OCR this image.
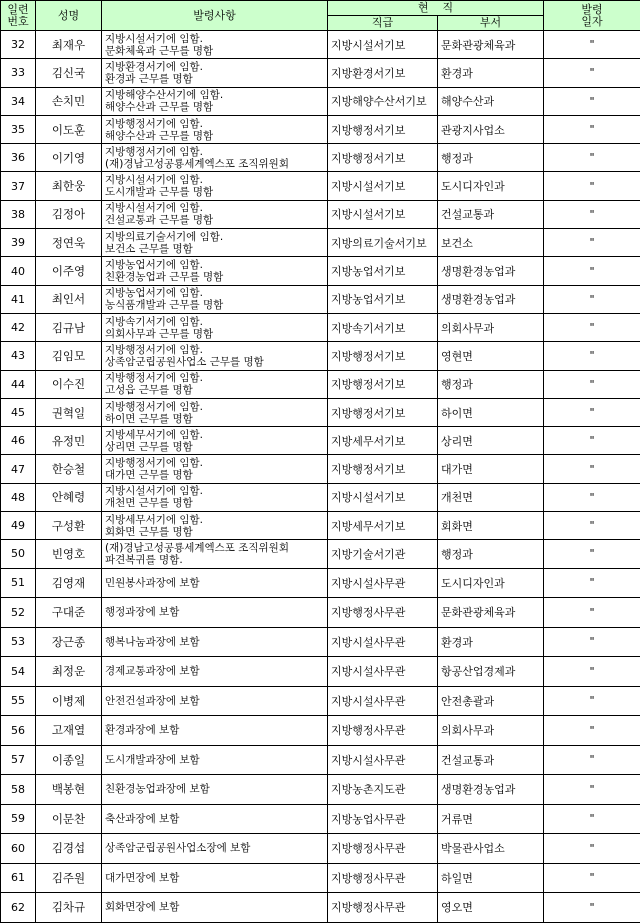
일련
번호	성명	발령사항	현    직		발령
일자
			직급	부서	
32	최재우	지방시설서기에 임함.
문화체육과 근무를 명함	지방시설서기보	문화관광체육과	"
33	김신국	지방환경서기에 임함.
환경과 근무를 명함	지방환경서기보	환경과	"
34	손치민	지방해양수산서기에 임함.
해양수산과 근무를 명함	지방해양수산서기보	해양수산과	"
35	이도훈	지방행정서기에 임함.
해양수산과 근무를 명함	지방행정서기보	관광지사업소	"
36	이기영	지방행정서기에 임함.
(재)경남고성공룡세계엑스포 조직위원회	지방행정서기보	행정과	"
37	최한웅	지방시설서기에 임함.
도시개발과 근무를 명함	지방시설서기보	도시디자인과	"
38	김정아	지방시설서기에 임함.
건설교통과 근무를 명함	지방시설서기보	건설교통과	"
39	정연욱	지방의료기술서기에 임함.
보건소 근무를 명함	지방의료기술서기보	보건소	"
40	이주영	지방농업서기에 임함.
친환경농업과 근무를 명함	지방농업서기보	생명환경농업과	"
41	최인서	지방농업서기에 임함.
농식품개발과 근무를 명함	지방농업서기보	생명환경농업과	"
42	김규남	지방속기서기에 임함.
의회사무과 근무를 명함	지방속기서기보	의회사무과	"
43	김임모	지방행정서기에 임함.
상족암군립공원사업소 근무를 명함	지방행정서기보	영현면	"
44	이수진	지방행정서기에 임함.
고성읍 근무를 명함	지방행정서기보	행정과	"
45	권혁일	지방행정서기에 임함.
하이면 근무를 명함	지방행정서기보	하이면	"
46	유정민	지방세무서기에 임함.
상리면 근무를 명함	지방세무서기보	상리면	"
47	한승철	지방행정서기에 임함.
대가면 근무를 명함	지방행정서기보	대가면	"
48	안혜령	지방시설서기에 임함.
개천면 근무를 명함	지방시설서기보	개천면	"
49	구성환	지방세무서기에 임함.
회화면 근무를 명함	지방세무서기보	회화면	"
50	빈영호	(재)경남고성공룡세계엑스포 조직위원회
파견복귀를 명함.	지방기술서기관	행정과	"
51	김영재	민원봉사과장에 보함	지방시설사무관	도시디자인과	"
52	구대준	행정과장에 보함	지방행정사무관	문화관광체육과	"
53	장근종	행복나눔과장에 보함	지방시설사무관	환경과	"
54	최정운	경제교통과장에 보함	지방시설사무관	항공산업경제과	"
55	이병제	안전건설과장에 보함	지방시설사무관	안전총괄과	"
56	고재열	환경과장에 보함	지방행정사무관	의회사무과	"
57	이종일	도시개발과장에 보함	지방시설사무관	건설교통과	"
58	백봉현	친환경농업과장에 보함	지방농촌지도관	생명환경농업과	"
59	이문찬	축산과장에 보함	지방농업사무관	거류면	"
60	김경섭	상족암군립공원사업소장에 보함	지방행정사무관	박물관사업소	"
61	김주원	대가면장에 보함	지방행정사무관	하일면	"
62	김차규	회화면장에 보함	지방행정사무관	영오면	"
